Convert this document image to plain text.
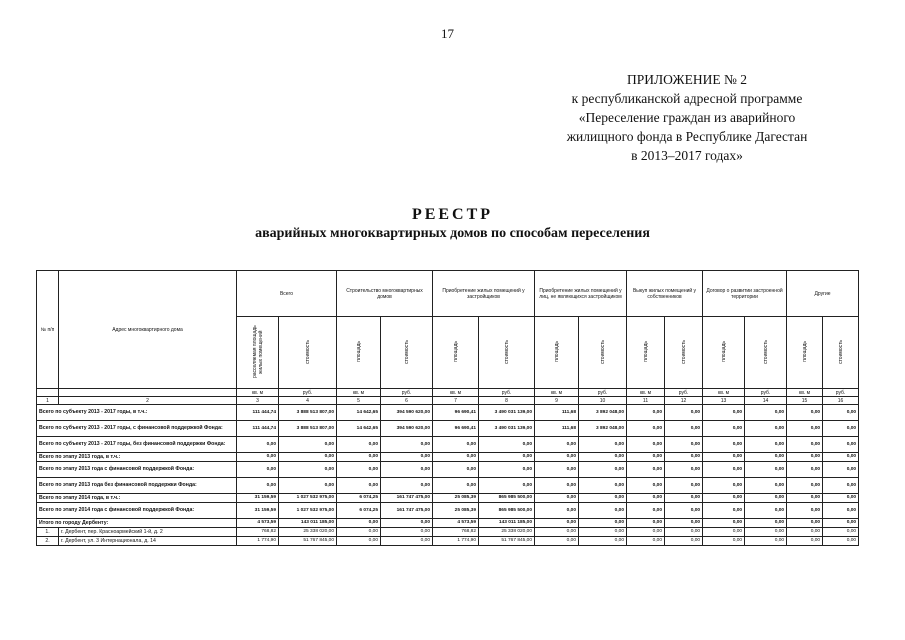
17
ПРИЛОЖЕНИЕ № 2
к республиканской адресной программе
«Переселение граждан из аварийного
жилищного фонда в Республике Дагестан
в 2013–2017 годах»
РЕЕСТР
аварийных многоквартирных домов по способам переселения
№ п/п	Адрес многоквартирного дома	Всего		Строительство многоквартирных домов		Приобретение жилых помещений у застройщиков		Приобретение жилых помещений у лиц, не являющихся застройщиком		Выкуп жилых помещений у собственников		Договор о развитии застроенной территории		Другие	
		расселяемая площадь жилых помещений	стоимость	площадь	стоимость	площадь	стоимость	площадь	стоимость	площадь	стоимость	площадь	стоимость	площадь	стоимость
		кв. м	руб.	кв. м	руб.	кв. м	руб.	кв. м	руб.	кв. м	руб.	кв. м	руб.	кв. м	руб.
1	2	3	4	5	6	7	8	9	10	11	12	13	14	15	16
Всего по субъекту 2013 - 2017 годы, в т.ч.:		111 444,74	3 888 513 807,00	14 642,65	394 590 620,00	96 690,41	3 490 031 139,00	111,68	3 892 048,00	0,00	0,00	0,00	0,00	0,00	0,00
Всего по субъекту 2013 - 2017 годы, с финансовой поддержкой Фонда:		111 444,74	3 888 513 807,00	14 642,65	394 590 620,00	96 690,41	3 490 031 139,00	111,68	3 892 048,00	0,00	0,00	0,00	0,00	0,00	0,00
Всего по субъекту 2013 - 2017 годы, без финансовой поддержки Фонда:		0,00	0,00	0,00	0,00	0,00	0,00	0,00	0,00	0,00	0,00	0,00	0,00	0,00	0,00
Всего по этапу 2013 года, в т.ч.:		0,00	0,00	0,00	0,00	0,00	0,00	0,00	0,00	0,00	0,00	0,00	0,00	0,00	0,00
Всего по этапу 2013 года с финансовой поддержкой Фонда:		0,00	0,00	0,00	0,00	0,00	0,00	0,00	0,00	0,00	0,00	0,00	0,00	0,00	0,00
Всего по этапу 2013 года без финансовой поддержки Фонда:		0,00	0,00	0,00	0,00	0,00	0,00	0,00	0,00	0,00	0,00	0,00	0,00	0,00	0,00
Всего по этапу 2014 года, в т.ч.:		31 159,59	1 027 532 975,00	6 074,25	161 747 475,00	25 085,39	865 985 500,00	0,00	0,00	0,00	0,00	0,00	0,00	0,00	0,00
Всего по этапу 2014 года с финансовой поддержкой Фонда:		31 159,59	1 027 532 975,00	6 074,25	161 747 475,00	25 085,39	865 985 500,00	0,00	0,00	0,00	0,00	0,00	0,00	0,00	0,00
Итого по городу Дербенту:		4 573,59	143 011 185,00	0,00	0,00	4 573,59	143 011 185,00	0,00	0,00	0,00	0,00	0,00	0,00	0,00	0,00
1.	г. Дербент, пер. Красноармейский 1-й, д. 2	768,82	25 338 020,00	0,00	0,00	768,82	25 338 020,00	0,00	0,00	0,00	0,00	0,00	0,00	0,00	0,00
2.	г. Дербент, ул. 3 Интернационала, д. 14	1 774,90	51 767 845,00	0,00	0,00	1 774,90	51 767 845,00	0,00	0,00	0,00	0,00	0,00	0,00	0,00	0,00
